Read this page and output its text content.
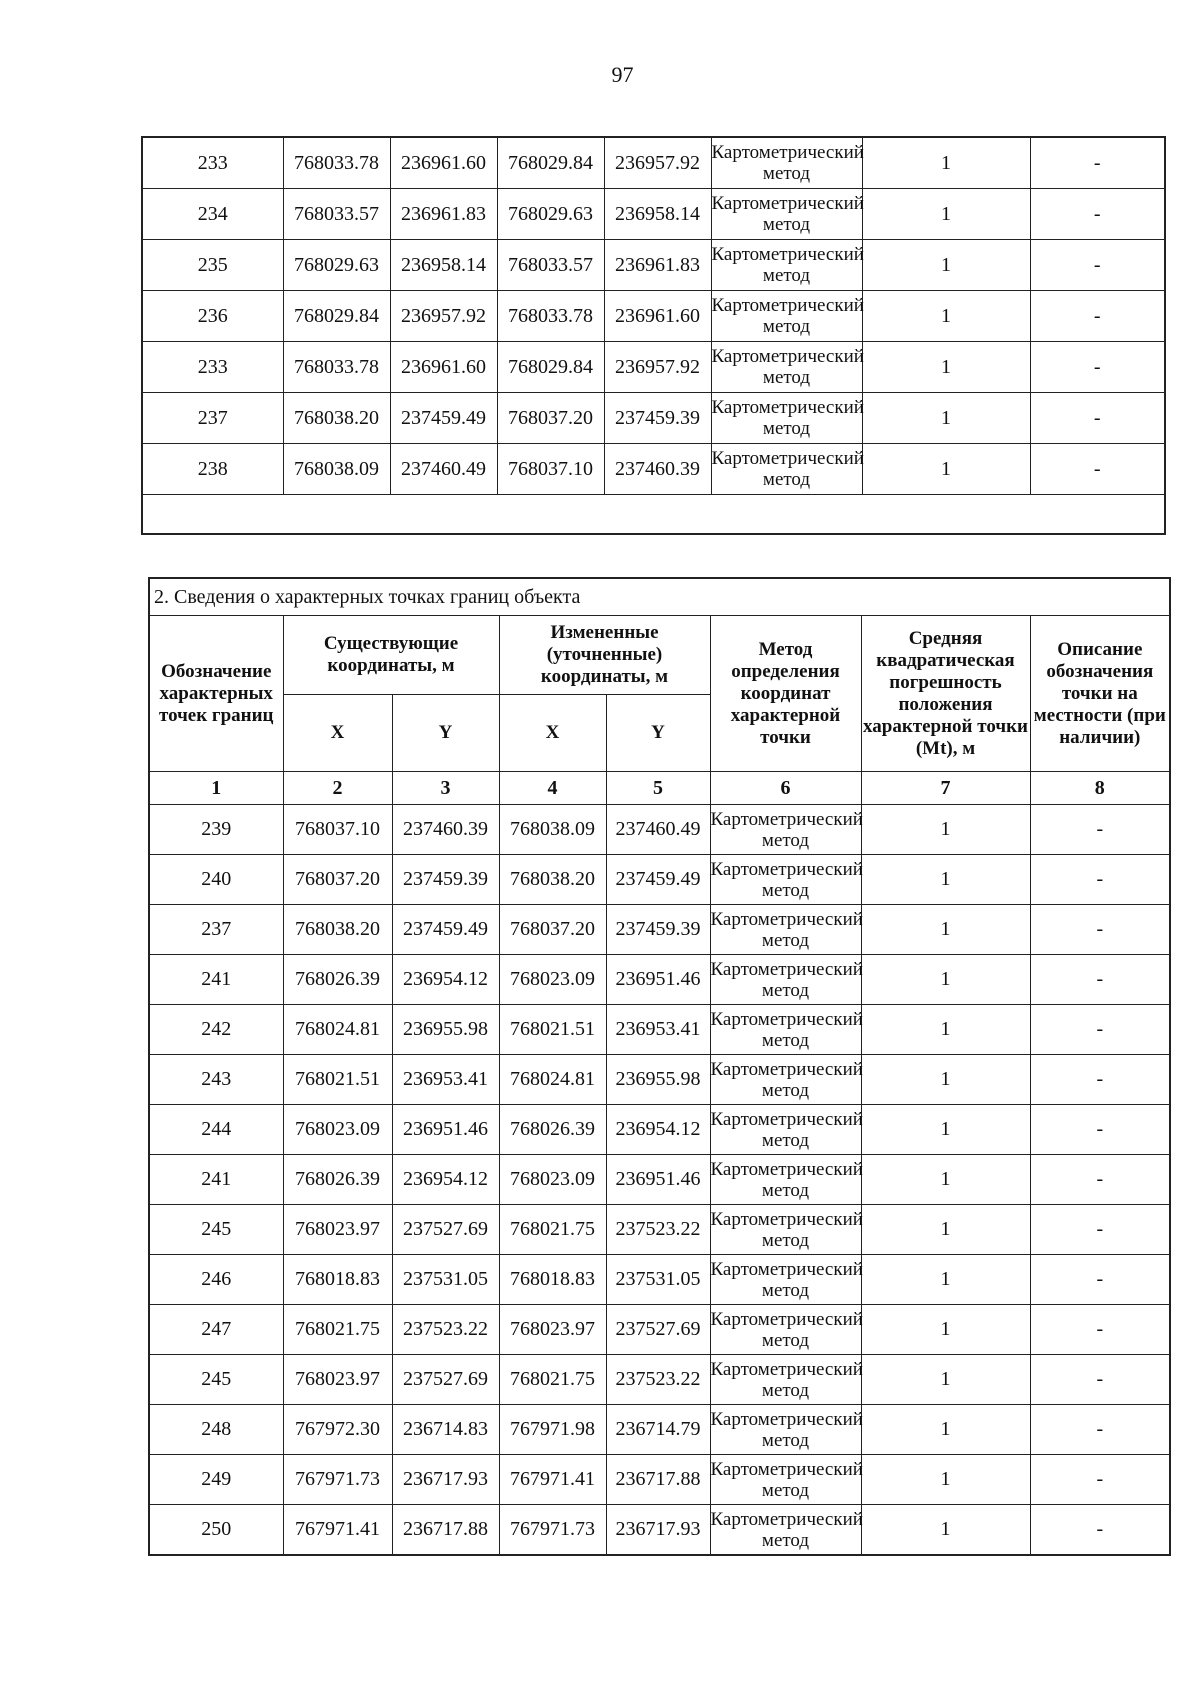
97
233	768033.78	236961.60	768029.84	236957.92	Картометрический метод	1	-
234	768033.57	236961.83	768029.63	236958.14	Картометрический метод	1	-
235	768029.63	236958.14	768033.57	236961.83	Картометрический метод	1	-
236	768029.84	236957.92	768033.78	236961.60	Картометрический метод	1	-
233	768033.78	236961.60	768029.84	236957.92	Картометрический метод	1	-
237	768038.20	237459.49	768037.20	237459.39	Картометрический метод	1	-
238	768038.09	237460.49	768037.10	237460.39	Картометрический метод	1	-

2. Сведения о характерных точках границ объекта							
Обозначение характерных точек границ	Существующие координаты, м		Измененные (уточненные) координаты, м		Метод определения координат характерной точки	Средняя квадратическая погрешность положения характерной точки (Mt), м	Описание обозначения точки на местности (при наличии)
	X	Y	X	Y			
1	2	3	4	5	6	7	8
239	768037.10	237460.39	768038.09	237460.49	Картометрический метод	1	-
240	768037.20	237459.39	768038.20	237459.49	Картометрический метод	1	-
237	768038.20	237459.49	768037.20	237459.39	Картометрический метод	1	-
241	768026.39	236954.12	768023.09	236951.46	Картометрический метод	1	-
242	768024.81	236955.98	768021.51	236953.41	Картометрический метод	1	-
243	768021.51	236953.41	768024.81	236955.98	Картометрический метод	1	-
244	768023.09	236951.46	768026.39	236954.12	Картометрический метод	1	-
241	768026.39	236954.12	768023.09	236951.46	Картометрический метод	1	-
245	768023.97	237527.69	768021.75	237523.22	Картометрический метод	1	-
246	768018.83	237531.05	768018.83	237531.05	Картометрический метод	1	-
247	768021.75	237523.22	768023.97	237527.69	Картометрический метод	1	-
245	768023.97	237527.69	768021.75	237523.22	Картометрический метод	1	-
248	767972.30	236714.83	767971.98	236714.79	Картометрический метод	1	-
249	767971.73	236717.93	767971.41	236717.88	Картометрический метод	1	-
250	767971.41	236717.88	767971.73	236717.93	Картометрический метод	1	-
